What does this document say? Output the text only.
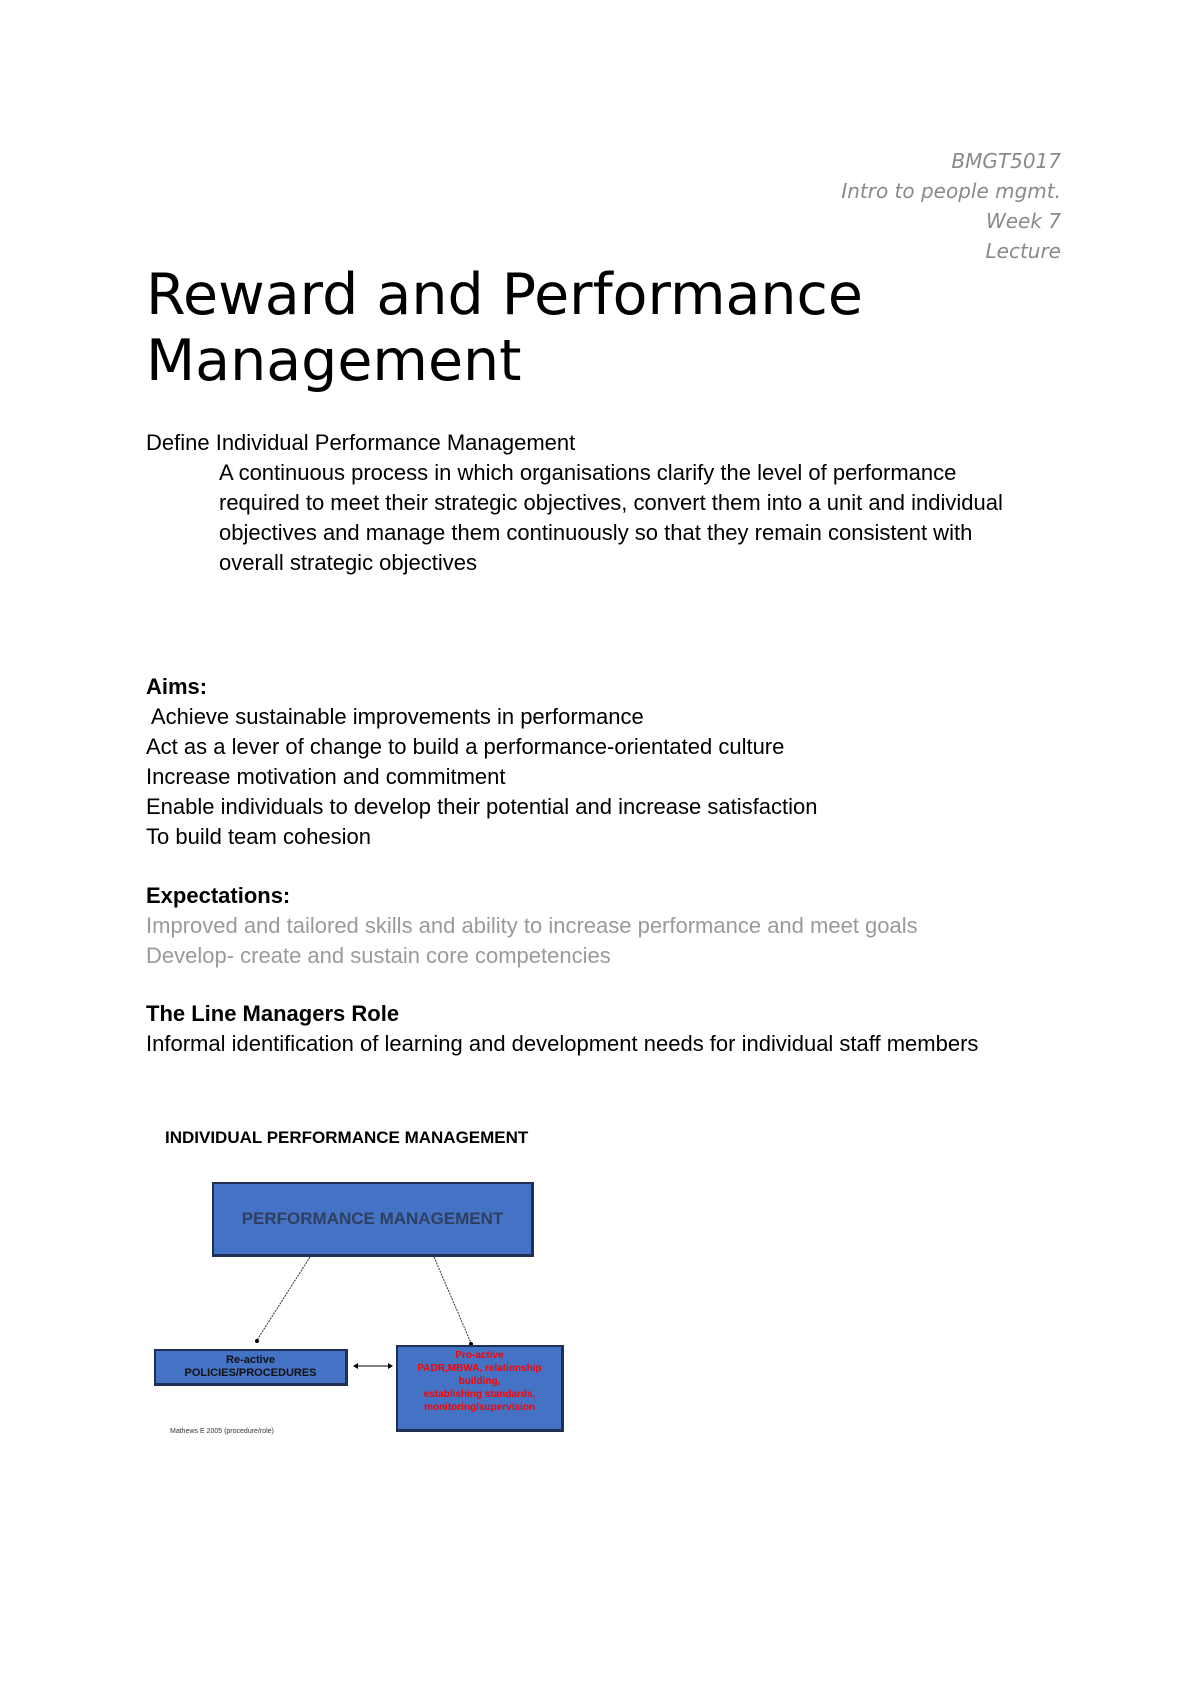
BMGT5017
Intro to people mgmt.
Week 7
Lecture
Reward and Performance
Management
Define Individual Performance Management
A continuous process in which organisations clarify the level of performance
required to meet their strategic objectives, convert them into a unit and individual
objectives and manage them continuously so that they remain consistent with
overall strategic objectives
Aims:
Achieve sustainable improvements in performance
Act as a lever of change to build a performance-orientated culture
Increase motivation and commitment
Enable individuals to develop their potential and increase satisfaction
To build team cohesion
Expectations:
Improved and tailored skills and ability to increase performance and meet goals
Develop- create and sustain core competencies
The Line Managers Role
Informal identification of learning and development needs for individual staff members
INDIVIDUAL PERFORMANCE MANAGEMENT
PERFORMANCE MANAGEMENT
Re-active
POLICIES/PROCEDURES
Pro-active
PADR,MBWA, relationship
building,
establishing standards,
monitoring/supervision
Mathews E 2005 (procedure/role)
